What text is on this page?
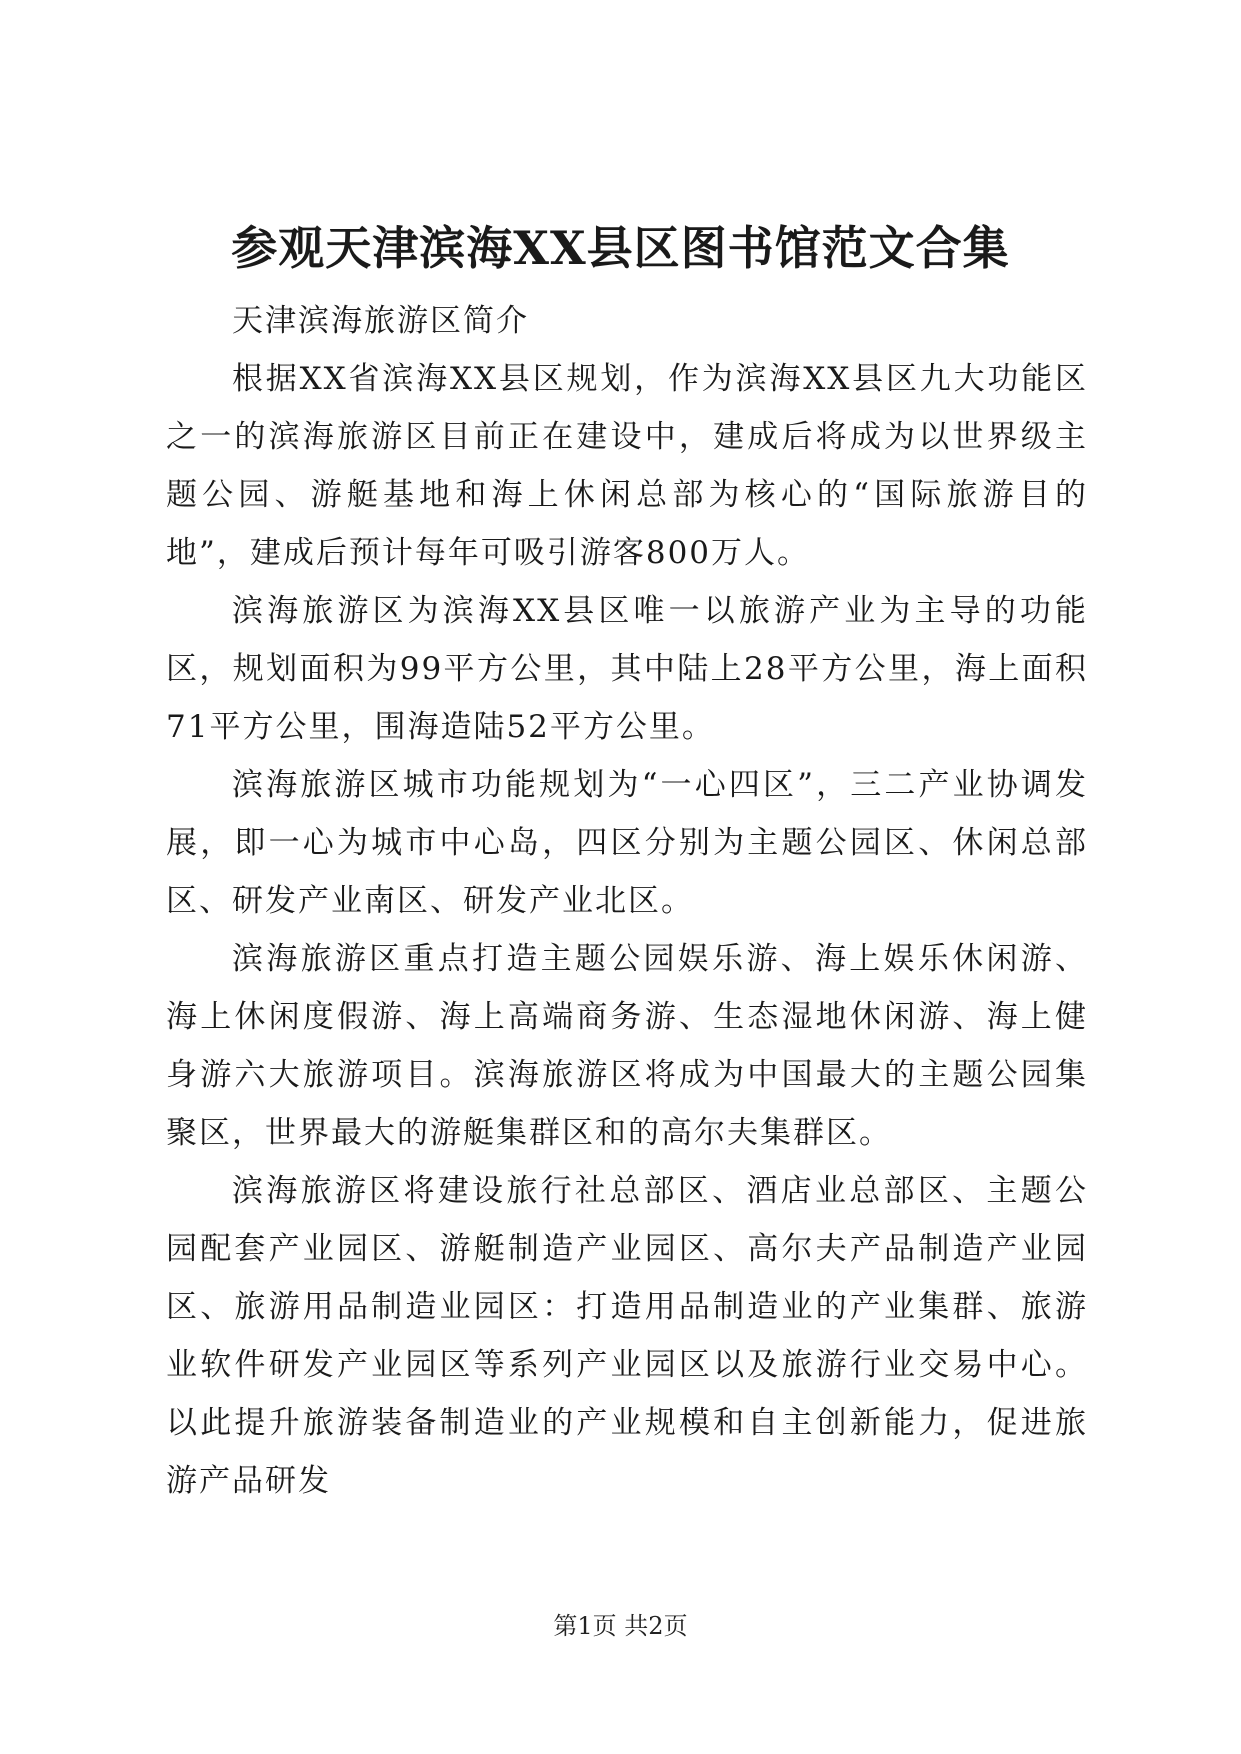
参观天津滨海XX县区图书馆范文合集

天津滨海旅游区简介

根据XX省滨海XX县区规划，作为滨海XX县区九大功能区之一的滨海旅游区目前正在建设中，建成后将成为以世界级主题公园、游艇基地和海上休闲总部为核心的“国际旅游目的地”，建成后预计每年可吸引游客800万人。

滨海旅游区为滨海XX县区唯一以旅游产业为主导的功能区，规划面积为99平方公里，其中陆上28平方公里，海上面积71平方公里，围海造陆52平方公里。

滨海旅游区城市功能规划为“一心四区”，三二产业协调发展，即一心为城市中心岛，四区分别为主题公园区、休闲总部区、研发产业南区、研发产业北区。

滨海旅游区重点打造主题公园娱乐游、海上娱乐休闲游、海上休闲度假游、海上高端商务游、生态湿地休闲游、海上健身游六大旅游项目。滨海旅游区将成为中国最大的主题公园集聚区，世界最大的游艇集群区和的高尔夫集群区。

滨海旅游区将建设旅行社总部区、酒店业总部区、主题公园配套产业园区、游艇制造产业园区、高尔夫产品制造产业园区、旅游用品制造业园区：打造用品制造业的产业集群、旅游业软件研发产业园区等系列产业园区以及旅游行业交易中心。以此提升旅游装备制造业的产业规模和自主创新能力，促进旅游产品研发

第1页 共2页
